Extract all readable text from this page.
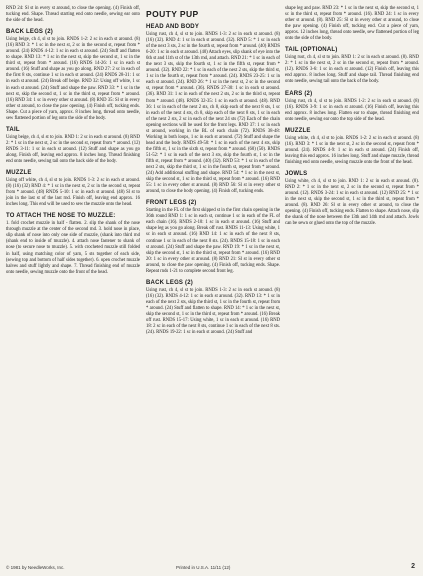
RND 24: Sl st in every st around, to close the opening. (4) Finish off, tucking end. Shape. Thread starting end onto needle, sewing ear onto the side of the head.

BACK LEGS (2)

Using beige, ch 4, sl st to join. RNDS 1-2: 2 sc in each st around. (8) (16) RND 3: * 1 sc in the next st, 2 sc in the second st, repeat from * around. (24) RNDS 4-12: 1 sc in each st around. (24) Stuff and flatten to shape. RND 13: * 1 sc in the next st, skip the second st, 1 sc in the third st, repeat from * around. (16) RNDS 14-26: 1 sc in each st around. (16) Stuff and shape as you go along. RND 27: 2 sc in each of the first 8 sts, continue 1 sc in each st around. (24) RNDS 28-31: 1 sc in each st around. (24) Break off beige. RND 32: Using off white, 1 sc in each st around. (24) Stuff and shape the paw. RND 33: * 1 sc in the next st, skip the second st, 1 sc in the third st, repeat from * around. (16) RND 34: 1 sc in every other st around. (8) RND 35: Sl st in every other st around, to close the paw opening. (4) Finish off, tucking ends. Shape. Cut a piece of yarn, approx. 8 inches long, thread onto needle, sew flattened portion of leg onto the side of the body.

TAIL

Using beige, ch 4, sl st to join. RND 1: 2 sc in each st around. (8) RND 2: * 1 sc in the next st, 2 sc in the second st, repeat from * around. (12) RNDS 3-11: 1 sc in each st around. (12) Stuff and shape as you go along. Finish off, leaving end approx. 8 inches long. Thread finishing end onto needle, sewing tail onto the back side of the body.

MUZZLE

Using off white, ch 4, sl st to join. RNDS 1-3: 2 sc in each st around. (8) (16) (32) RND 4: * 1 sc in the next st, 2 sc in the second st, repeat from * around. (48) RNDS 5-10: 1 sc in each st around. (48) Sl st to join in the last st of the last rnd. Finish off, leaving end approx. 16 inches long. This end will be used to sew the muzzle onto the head.

TO ATTACH THE NOSE TO MUZZLE:

1. fold crochet muzzle in half - flatten. 2. slip the shank of the nose through muzzle at the center of the second rnd. 3. hold nose in place, slip shank of nose into only one side of muzzle, (shank into third rnd (shank end to inside of muzzle). 4. attach nose fastener to shank of nose (to secure nose to muzzle). 5. with crocheted muzzle still folded in half, using matching color of yarn, 5 sts together of each side, (sewing top and bottom of half sides together). 6. open crochet muzzle halves and stuff lightly and shape. 7. Thread finishing end of muzzle onto needle, sewing muzzle onto the front of the head.

POUTY PUP
HEAD AND BODY

Using rust, ch 4, sl st to join. RNDS 1-3: 2 sc in each st around. (8) (16) (32). RND 4: 1 sc in each st around. (32). RND 5: * 1 sc in each of the next 3 sts, 2 sc in the fourth st, repeat from * around. (40) RNDS 6-20: 1 sc in each st around. (40) Attach eyes, slip shank of eye into the 6th st and 11th st of the 13th rnd, and attach. RND 21: * 1 sc in each of the next 3 sts, skip the fourth st, 1 sc in the fifth st, repeat from * around. (32). RND 22: * 1 sc in each of the next 2 sts, skip the third st, 1 sc in the fourth st, repeat from * around. (24). RNDS 23-25: 1 sc in each st around. (24). RND 26: * 1 sc in the next st, 2 sc in the second st, repeat from * around. (36). RNDS 27-30: 1 sc in each st around. (36). RND 31: 1 sc in each of the next 2 sts, 2 sc in the third st, repeat from * around. (48). RNDS 32-35: 1 sc in each st around. (48). RND 36: 1 sc in each of the next 2 sts, ch 8, skip each of the next 8 sts, 1 sc in each of the next 4 sts, ch 8, skip each of the next 8 sts, 1 sc in each of the next 2 sts, 2 sc in each of the next 24 sts (72) Each of the chain opening sections will be used for the front legs. RND 37: 1 sc in each st around, working in the BL of each chain (72). RNDS 38-48: Working in both loops, 1 sc in each st around. (72) Stuff and shape the head and the body. RNDS 49-50: * 1 sc in each of the next 4 sts, skip the fifth st, 1 sc in the sixth st, repeat from * around. (60) (50). RNDS 51-52: * 1 sc in each of the next 3 sts, skip the fourth st, 1 sc in the fifth st, repeat from * around. (40) (32). RND 53: * 1 sc in each of the next 2 sts, skip the third st, 1 sc in the fourth st, repeat from * around. (24) Add additional stuffing and shape. RND 54: * 1 sc in the next st, skip the second st, 1 sc in the third st, repeat from * around. (16) RND 55: 1 sc in every other st around. (8) RND 56: Sl st in every other st around, to close the body opening. (4) Finish off, tucking ends.

FRONT LEGS (2)

Starting in the FL of the first skipped st in the first chain opening in the 36th round RND 1: 1 sc in each st, continue 1 sc in each of the FL of each chain (16). RNDS 2-10: 1 sc in each st around. (16) Stuff and shape leg as you go along. Break off rust. RNDS 11-13: Using white, 1 sc in each st around. (16) RND 14: 1 sc in each of the next 8 sts, continue 1 sc in each of the next 8 sts. (24). RNDS 15-18: 1 sc in each st around. (24) Stuff and shape the paw. RND 19: * 1 sc in the next st, skip the second st, 1 sc in the third st, repeat from * around. (16) RND 20: 1 sc in every other st around. (8) RND 21: Sl st in every other st around, to close the paw opening. (4) Finish off, tucking ends. Shape. Repeat rnds 1-21 to complete second front leg.

BACK LEGS (2)

Using rust, ch 4, sl st to join. RNDS 1-3: 2 sc in each st around. (8) (16) (32). RNDS 4-12: 1 sc in each st around. (32). RND 13: * 1 sc in each of the next 2 sts, skip the third st, 1 sc in the fourth st, repeat from * around. (24) Stuff and flatten to shape. RND 14: * 1 sc in the next st, skip the second st, 1 sc in the third st, repeat from * around. (16) Break off rust. RNDS 15-17: Using white, 1 sc in each st around. (16) RND 18: 2 sc in each of the next 8 sts, continue 1 sc in each of the next 8 sts. (24). RNDS 19-22: 1 sc in each st around. (24) Stuff and

shape leg and paw. RND 23: * 1 sc in the next st, skip the second st, 1 sc in the third st, repeat from * around. (16). RND 24: 1 sc in every other st around. (8). RND 25: Sl st in every other st around, to close the paw opening. (4) Finish off, tucking end. Cut a piece of yarn, approx. 12 inches long, thread onto needle, sew flattened portion of leg onto the side of the body.

TAIL (OPTIONAL)

Using rust, ch 4, sl st to join. RND 1: 2 sc in each st around. (8). RND 2: * 1 sc in the next st, 2 sc in the second st, repeat from * around. (12). RNDS 3-6: 1 sc in each st around. (12) Finish off, leaving this end approx. 8 inches long. Stuff and shape tail. Thread finishing end onto needle, sewing tail onto the back of the body.

EARS (2)

Using rust, ch 4, sl st to join. RNDS 1-2: 2 sc in each st around. (8) (16). RNDS 3-9: 1 sc in each st around. (16) Finish off, leaving this end approx. 8 inches long. Flatten ear to shape, thread finishing end onto needle, sewing ear onto the top side of the head.

MUZZLE

Using white, ch 4, sl st to join. RNDS 1-2: 2 sc in each st around. (8) (16). RND 3: * 1 sc in the next st, 2 sc in the second st, repeat from * around. (24). RNDS 4-9: 1 sc in each st around. (24) Finish off, leaving this end approx. 16 inches long. Stuff and shape muzzle, thread finishing end onto needle, sewing muzzle onto the front of the head.

JOWLS

Using white, ch 4, sl st to join. RND 1: 2 sc in each st around. (8). RND 2: * 1 sc in the next st, 2 sc in the second st, repeat from * around. (12). RNDS 3-24: 1 sc in each st around. (12) RND 25: * 1 sc in the next st, skip the second st, 1 sc in the third st, repeat from * around. (8). RND 26: Sl st in every other st around, to close the opening. (4) Finish off, tucking ends. Flatten to shape. Attach nose, slip the shank of the nose between the 13th and 14th rnd and attach. Jowls can be sewn or glued onto the top of the muzzle.

© 1981 by NeedleWorks, Inc.	Printed in U.S.A. 11/11 (12)	2
